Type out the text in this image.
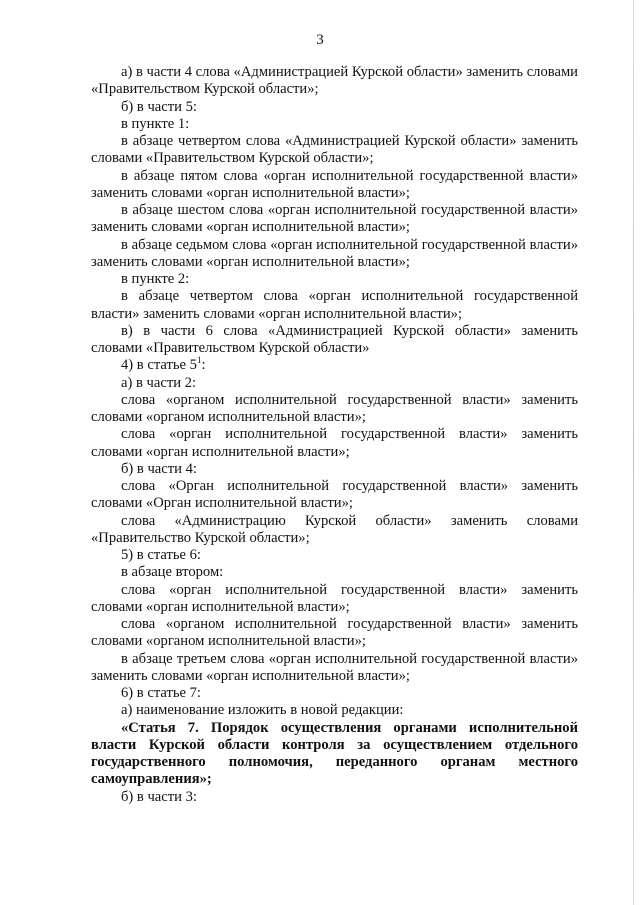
3

а) в части 4 слова «Администрацией Курской области» заменить словами «Правительством Курской области»;

б) в части 5:

в пункте 1:

в абзаце четвертом слова «Администрацией Курской области» заменить словами «Правительством Курской области»;

в абзаце пятом слова «орган исполнительной государственной власти» заменить словами «орган исполнительной власти»;

в абзаце шестом слова «орган исполнительной государственной власти» заменить словами «орган исполнительной власти»;

в абзаце седьмом слова «орган исполнительной государственной власти» заменить словами «орган исполнительной власти»;

в пункте 2:

в абзаце четвертом слова «орган исполнительной государственной власти» заменить словами «орган исполнительной власти»;

в) в части 6 слова «Администрацией Курской области» заменить словами «Правительством Курской области»

4) в статье $5^1$:

а) в части 2:

слова «органом исполнительной государственной власти» заменить словами «органом исполнительной власти»;

слова «орган исполнительной государственной власти» заменить словами «орган исполнительной власти»;

б) в части 4:

слова «Орган исполнительной государственной власти» заменить словами «Орган исполнительной власти»;

слова «Администрацию Курской области» заменить словами «Правительство Курской области»;

5) в статье 6:

в абзаце втором:

слова «орган исполнительной государственной власти» заменить словами «орган исполнительной власти»;

слова «органом исполнительной государственной власти» заменить словами «органом исполнительной власти»;

в абзаце третьем слова «орган исполнительной государственной власти» заменить словами «орган исполнительной власти»;

6) в статье 7:

а) наименование изложить в новой редакции:

«Статья 7. Порядок осуществления органами исполнительной власти Курской области контроля за осуществлением отдельного государственного полномочия, переданного органам местного самоуправления»;

б) в части 3:
